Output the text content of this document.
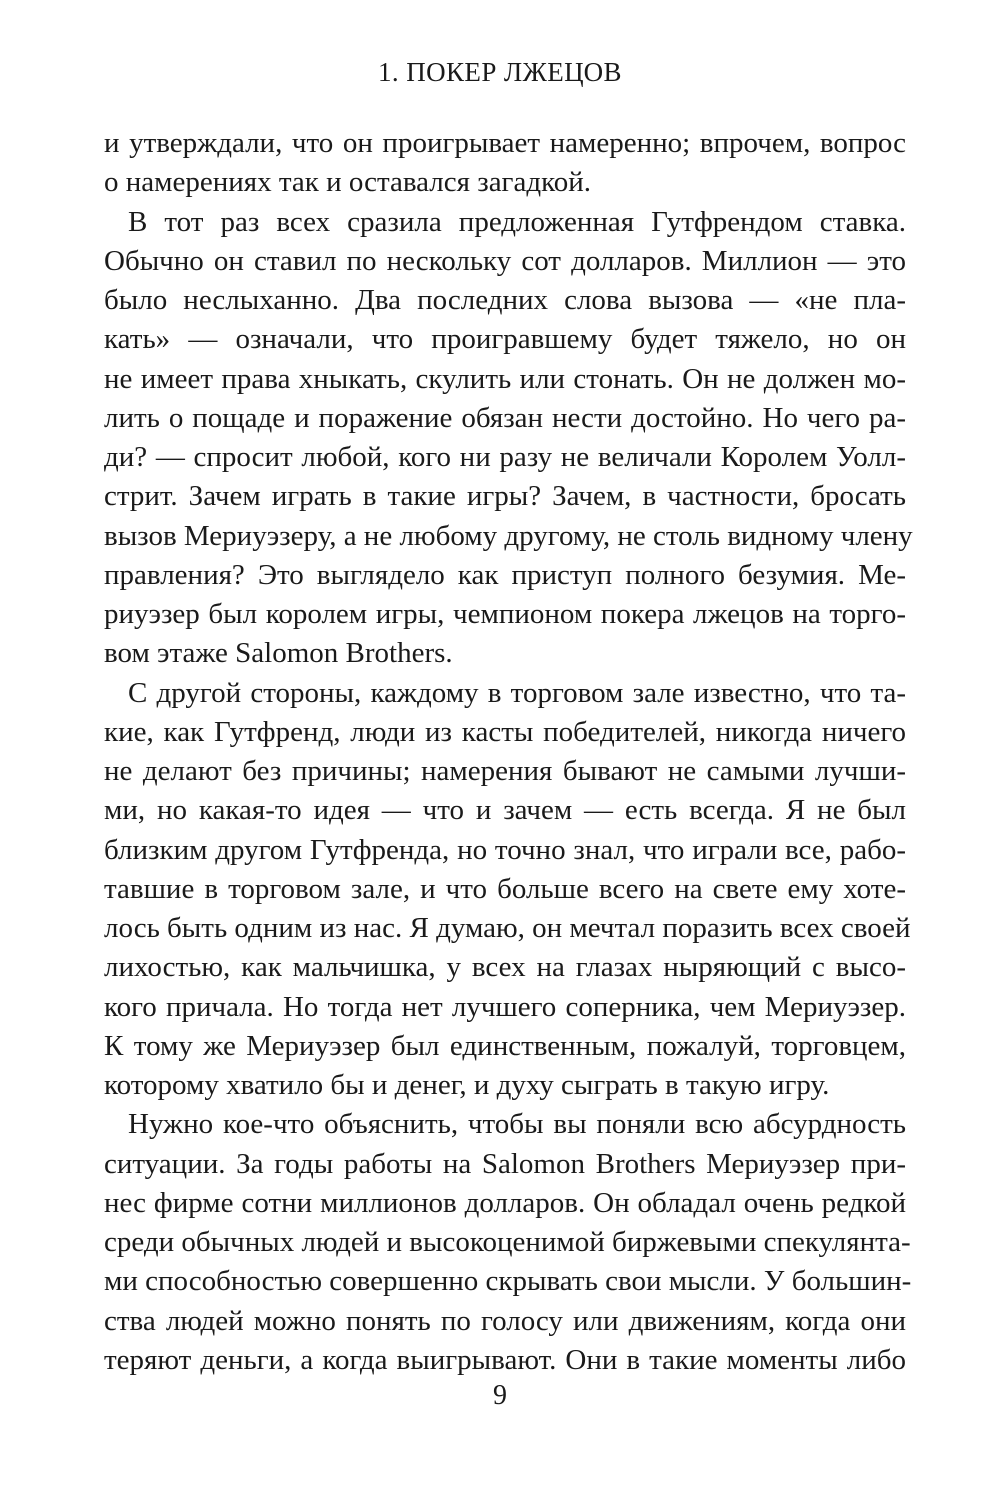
1. ПОКЕР ЛЖЕЦОВ
и утверждали, что он проигрывает намеренно; впрочем, вопрос
о намерениях так и оставался загадкой.
В тот раз всех сразила предложенная Гутфрендом ставка.
Обычно он ставил по нескольку сот долларов. Миллион — это
было неслыханно. Два последних слова вызова — «не пла-
кать» — означали, что проигравшему будет тяжело, но он
не имеет права хныкать, скулить или стонать. Он не должен мо-
лить о пощаде и поражение обязан нести достойно. Но чего ра-
ди? — спросит любой, кого ни разу не величали Королем Уолл-
стрит. Зачем играть в такие игры? Зачем, в частности, бросать
вызов Мериуэзеру, а не любому другому, не столь видному члену
правления? Это выглядело как приступ полного безумия. Ме-
риуэзер был королем игры, чемпионом покера лжецов на торго-
вом этаже Salomon Brothers.
С другой стороны, каждому в торговом зале известно, что та-
кие, как Гутфренд, люди из касты победителей, никогда ничего
не делают без причины; намерения бывают не самыми лучши-
ми, но какая-то идея — что и зачем — есть всегда. Я не был
близким другом Гутфренда, но точно знал, что играли все, рабо-
тавшие в торговом зале, и что больше всего на свете ему хоте-
лось быть одним из нас. Я думаю, он мечтал поразить всех своей
лихостью, как мальчишка, у всех на глазах ныряющий с высо-
кого причала. Но тогда нет лучшего соперника, чем Мериуэзер.
К тому же Мериуэзер был единственным, пожалуй, торговцем,
которому хватило бы и денег, и духу сыграть в такую игру.
Нужно кое-что объяснить, чтобы вы поняли всю абсурдность
ситуации. За годы работы на Salomon Brothers Мериуэзер при-
нес фирме сотни миллионов долларов. Он обладал очень редкой
среди обычных людей и высокоценимой биржевыми спекулянта-
ми способностью совершенно скрывать свои мысли. У большин-
ства людей можно понять по голосу или движениям, когда они
теряют деньги, а когда выигрывают. Они в такие моменты либо
9
